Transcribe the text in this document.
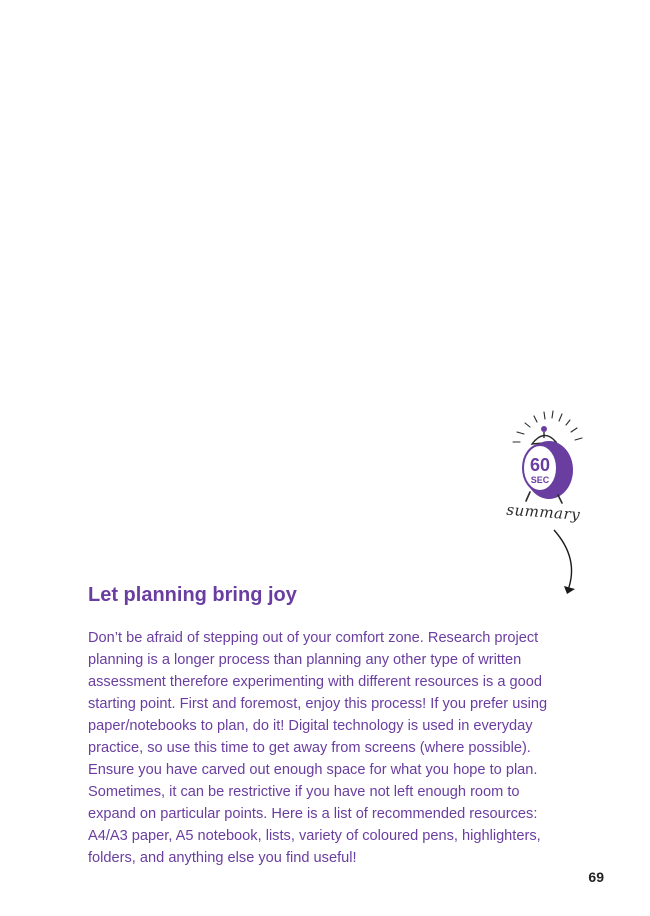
60
SEC
summary
Let planning bring joy

Don’t be afraid of stepping out of your comfort zone. Research project planning is a longer process than planning any other type of written assessment therefore experimenting with different resources is a good starting point. First and foremost, enjoy this process! If you prefer using paper/notebooks to plan, do it! Digital technology is used in everyday practice, so use this time to get away from screens (where possible). Ensure you have carved out enough space for what you hope to plan. Sometimes, it can be restrictive if you have not left enough room to expand on particular points. Here is a list of recommended resources: A4/A3 paper, A5 notebook, lists, variety of coloured pens, highlighters, folders, and anything else you find useful!

69
